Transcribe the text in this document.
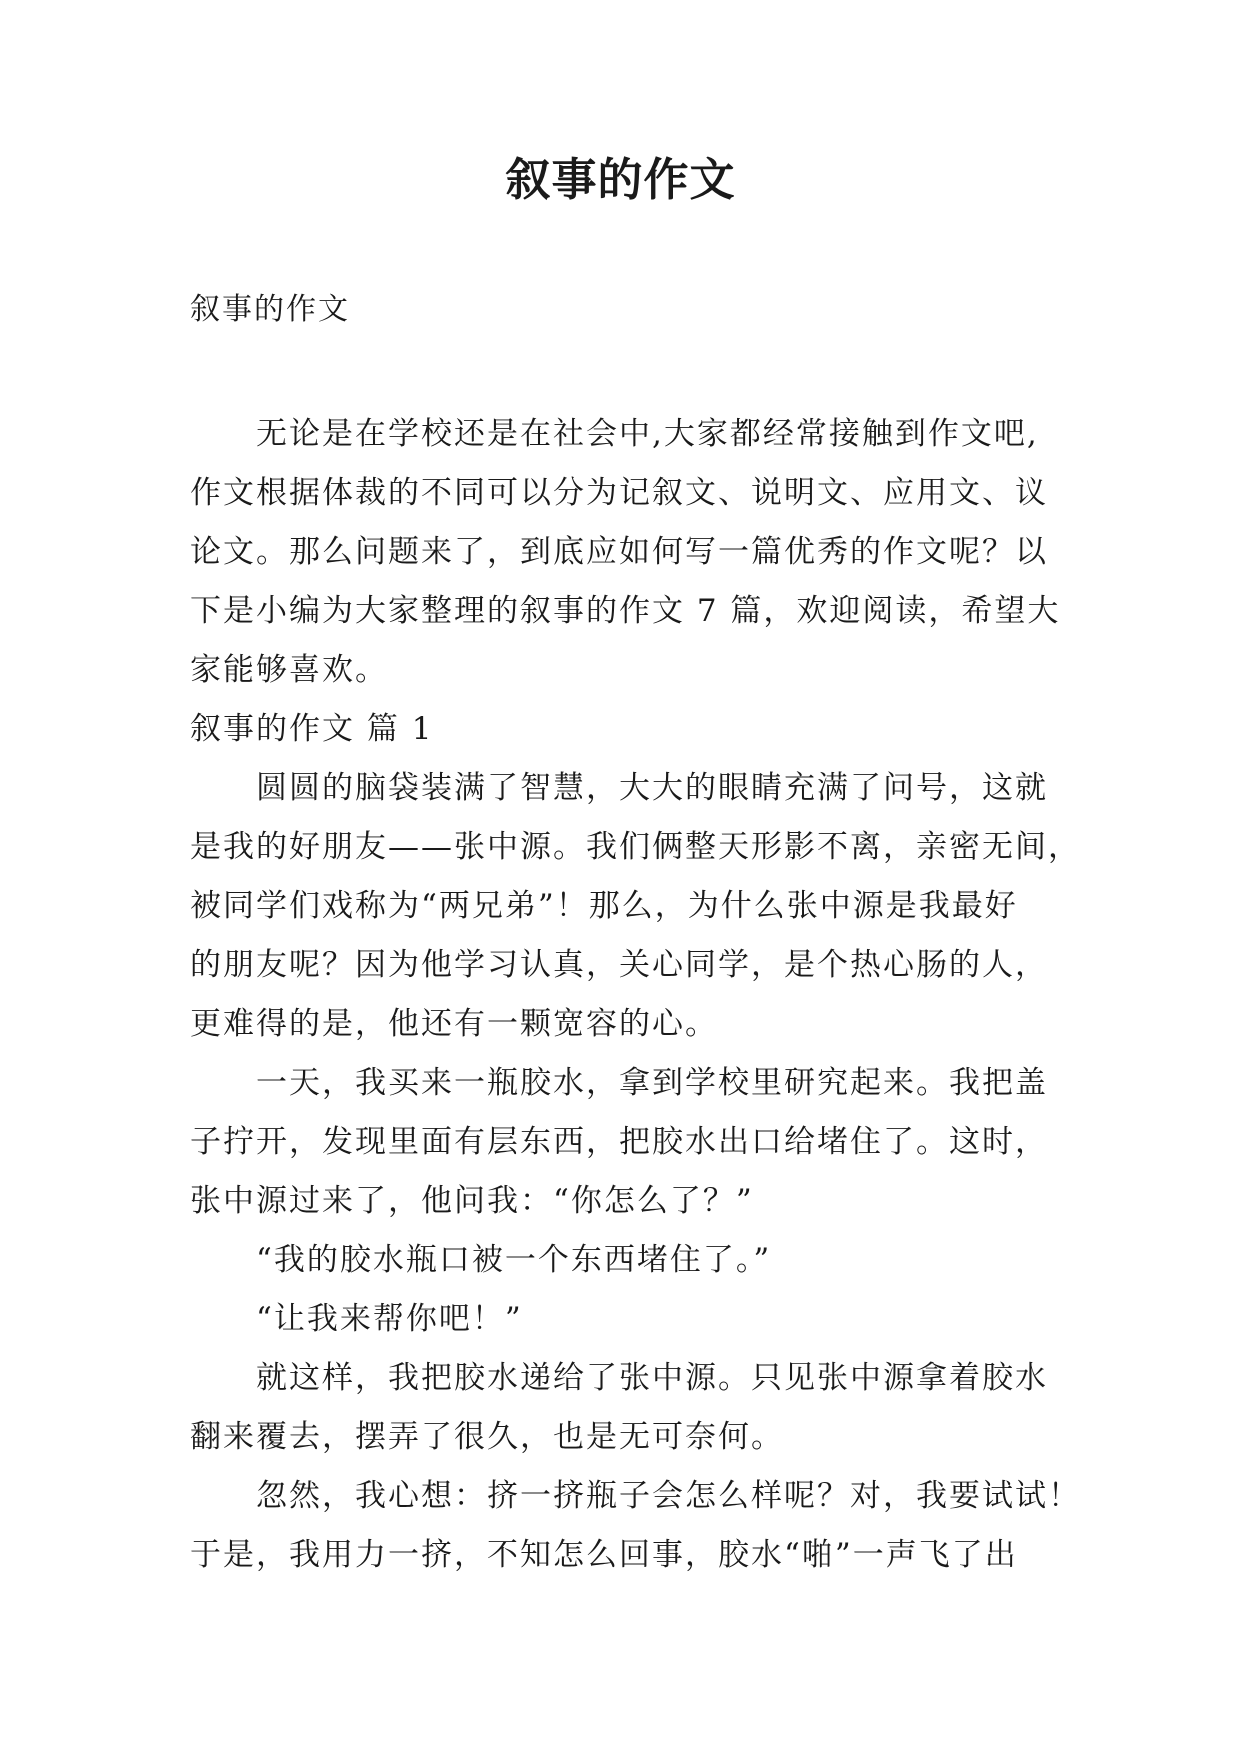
叙事的作文
叙事的作文
无论是在学校还是在社会中,大家都经常接触到作文吧,
作文根据体裁的不同可以分为记叙文、说明文、应用文、议
论文。那么问题来了，到底应如何写一篇优秀的作文呢？以
下是小编为大家整理的叙事的作文 7 篇，欢迎阅读，希望大
家能够喜欢。
叙事的作文 篇 1
圆圆的脑袋装满了智慧，大大的眼睛充满了问号，这就
是我的好朋友——张中源。我们俩整天形影不离，亲密无间，
被同学们戏称为“两兄弟”！那么，为什么张中源是我最好
的朋友呢？因为他学习认真，关心同学，是个热心肠的人，
更难得的是，他还有一颗宽容的心。
一天，我买来一瓶胶水，拿到学校里研究起来。我把盖
子拧开，发现里面有层东西，把胶水出口给堵住了。这时，
张中源过来了，他问我：“你怎么了？”
“我的胶水瓶口被一个东西堵住了。”
“让我来帮你吧！”
就这样，我把胶水递给了张中源。只见张中源拿着胶水
翻来覆去，摆弄了很久，也是无可奈何。
忽然，我心想：挤一挤瓶子会怎么样呢？对，我要试试！
于是，我用力一挤，不知怎么回事，胶水“啪”一声飞了出
